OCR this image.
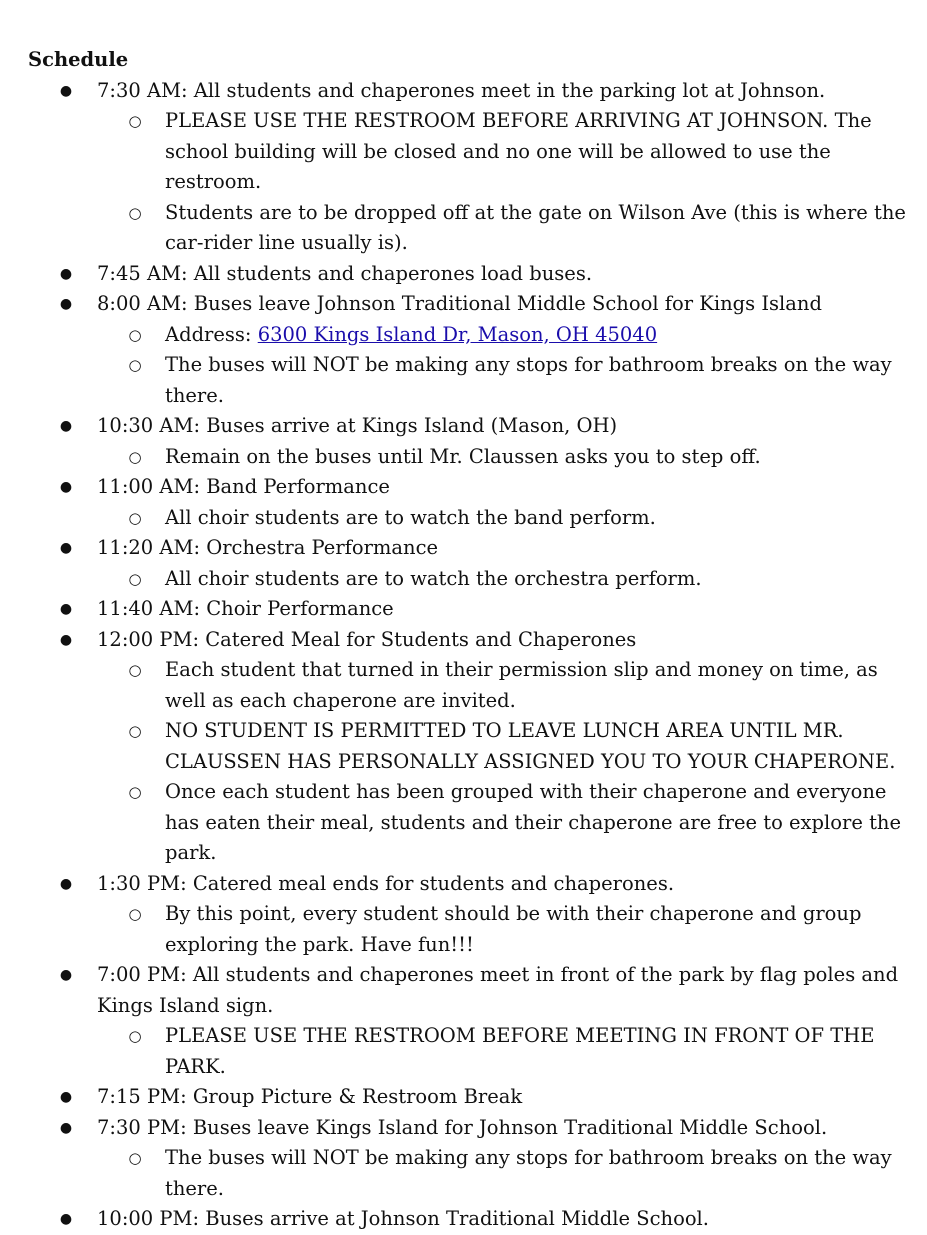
Schedule
● 7:30 AM: All students and chaperones meet in the parking lot at Johnson.
○ PLEASE USE THE RESTROOM BEFORE ARRIVING AT JOHNSON. The school building will be closed and no one will be allowed to use the restroom.
○ Students are to be dropped off at the gate on Wilson Ave (this is where the car-rider line usually is).
● 7:45 AM: All students and chaperones load buses.
● 8:00 AM: Buses leave Johnson Traditional Middle School for Kings Island
○ Address: 6300 Kings Island Dr, Mason, OH 45040
○ The buses will NOT be making any stops for bathroom breaks on the way there.
● 10:30 AM: Buses arrive at Kings Island (Mason, OH)
○ Remain on the buses until Mr. Claussen asks you to step off.
● 11:00 AM: Band Performance
○ All choir students are to watch the band perform.
● 11:20 AM: Orchestra Performance
○ All choir students are to watch the orchestra perform.
● 11:40 AM: Choir Performance
● 12:00 PM: Catered Meal for Students and Chaperones
○ Each student that turned in their permission slip and money on time, as well as each chaperone are invited.
○ NO STUDENT IS PERMITTED TO LEAVE LUNCH AREA UNTIL MR. CLAUSSEN HAS PERSONALLY ASSIGNED YOU TO YOUR CHAPERONE.
○ Once each student has been grouped with their chaperone and everyone has eaten their meal, students and their chaperone are free to explore the park.
● 1:30 PM: Catered meal ends for students and chaperones.
○ By this point, every student should be with their chaperone and group exploring the park. Have fun!!!
● 7:00 PM: All students and chaperones meet in front of the park by flag poles and Kings Island sign.
○ PLEASE USE THE RESTROOM BEFORE MEETING IN FRONT OF THE PARK.
● 7:15 PM: Group Picture & Restroom Break
● 7:30 PM: Buses leave Kings Island for Johnson Traditional Middle School.
○ The buses will NOT be making any stops for bathroom breaks on the way there.
● 10:00 PM: Buses arrive at Johnson Traditional Middle School.
